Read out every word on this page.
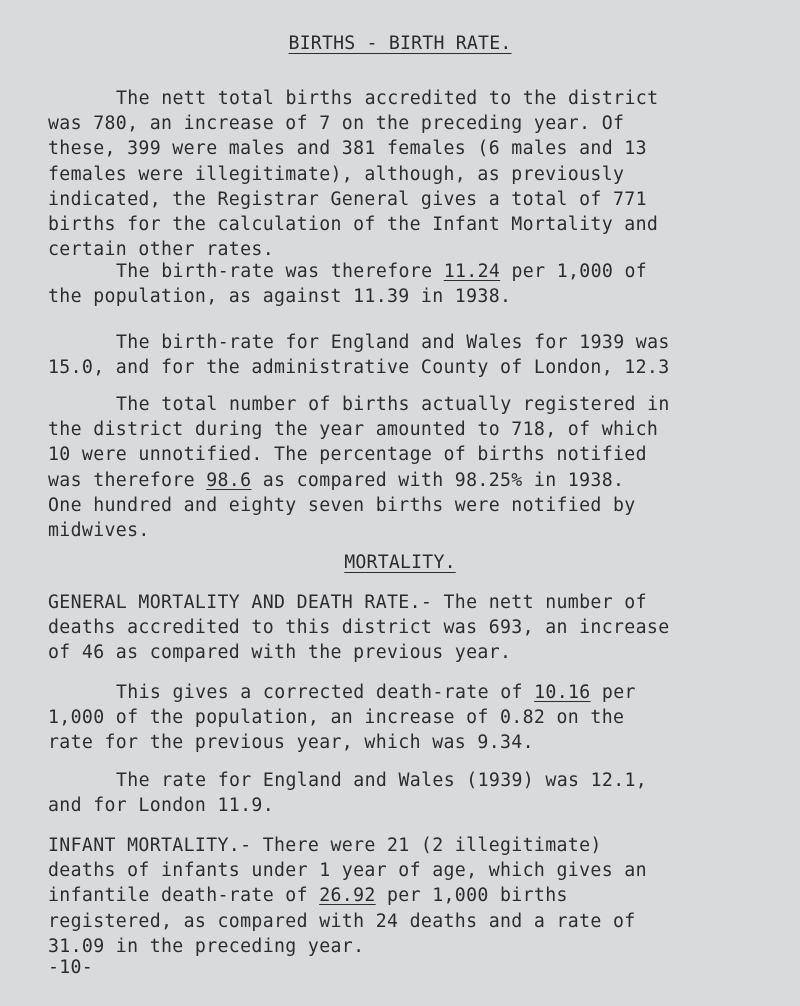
BIRTHS - BIRTH RATE.
The nett total births accredited to the district
was 780, an increase of 7 on the preceding year. Of
these, 399 were males and 381 females (6 males and 13
females were illegitimate), although, as previously
indicated, the Registrar General gives a total of 771
births for the calculation of the Infant Mortality and
certain other rates.
The birth-rate was therefore 11.24 per 1,000 of
the population, as against 11.39 in 1938.
The birth-rate for England and Wales for 1939 was
15.0, and for the administrative County of London, 12.3
The total number of births actually registered in
the district during the year amounted to 718, of which
10 were unnotified. The percentage of births notified
was therefore 98.6 as compared with 98.25% in 1938.
One hundred and eighty seven births were notified by
midwives.
MORTALITY.
GENERAL MORTALITY AND DEATH RATE.- The nett number of
deaths accredited to this district was 693, an increase
of 46 as compared with the previous year.
This gives a corrected death-rate of 10.16 per
1,000 of the population, an increase of 0.82 on the
rate for the previous year, which was 9.34.
The rate for England and Wales (1939) was 12.1,
and for London 11.9.
INFANT MORTALITY.- There were 21 (2 illegitimate)
deaths of infants under 1 year of age, which gives an
infantile death-rate of 26.92 per 1,000 births
registered, as compared with 24 deaths and a rate of
31.09 in the preceding year.
-10-
